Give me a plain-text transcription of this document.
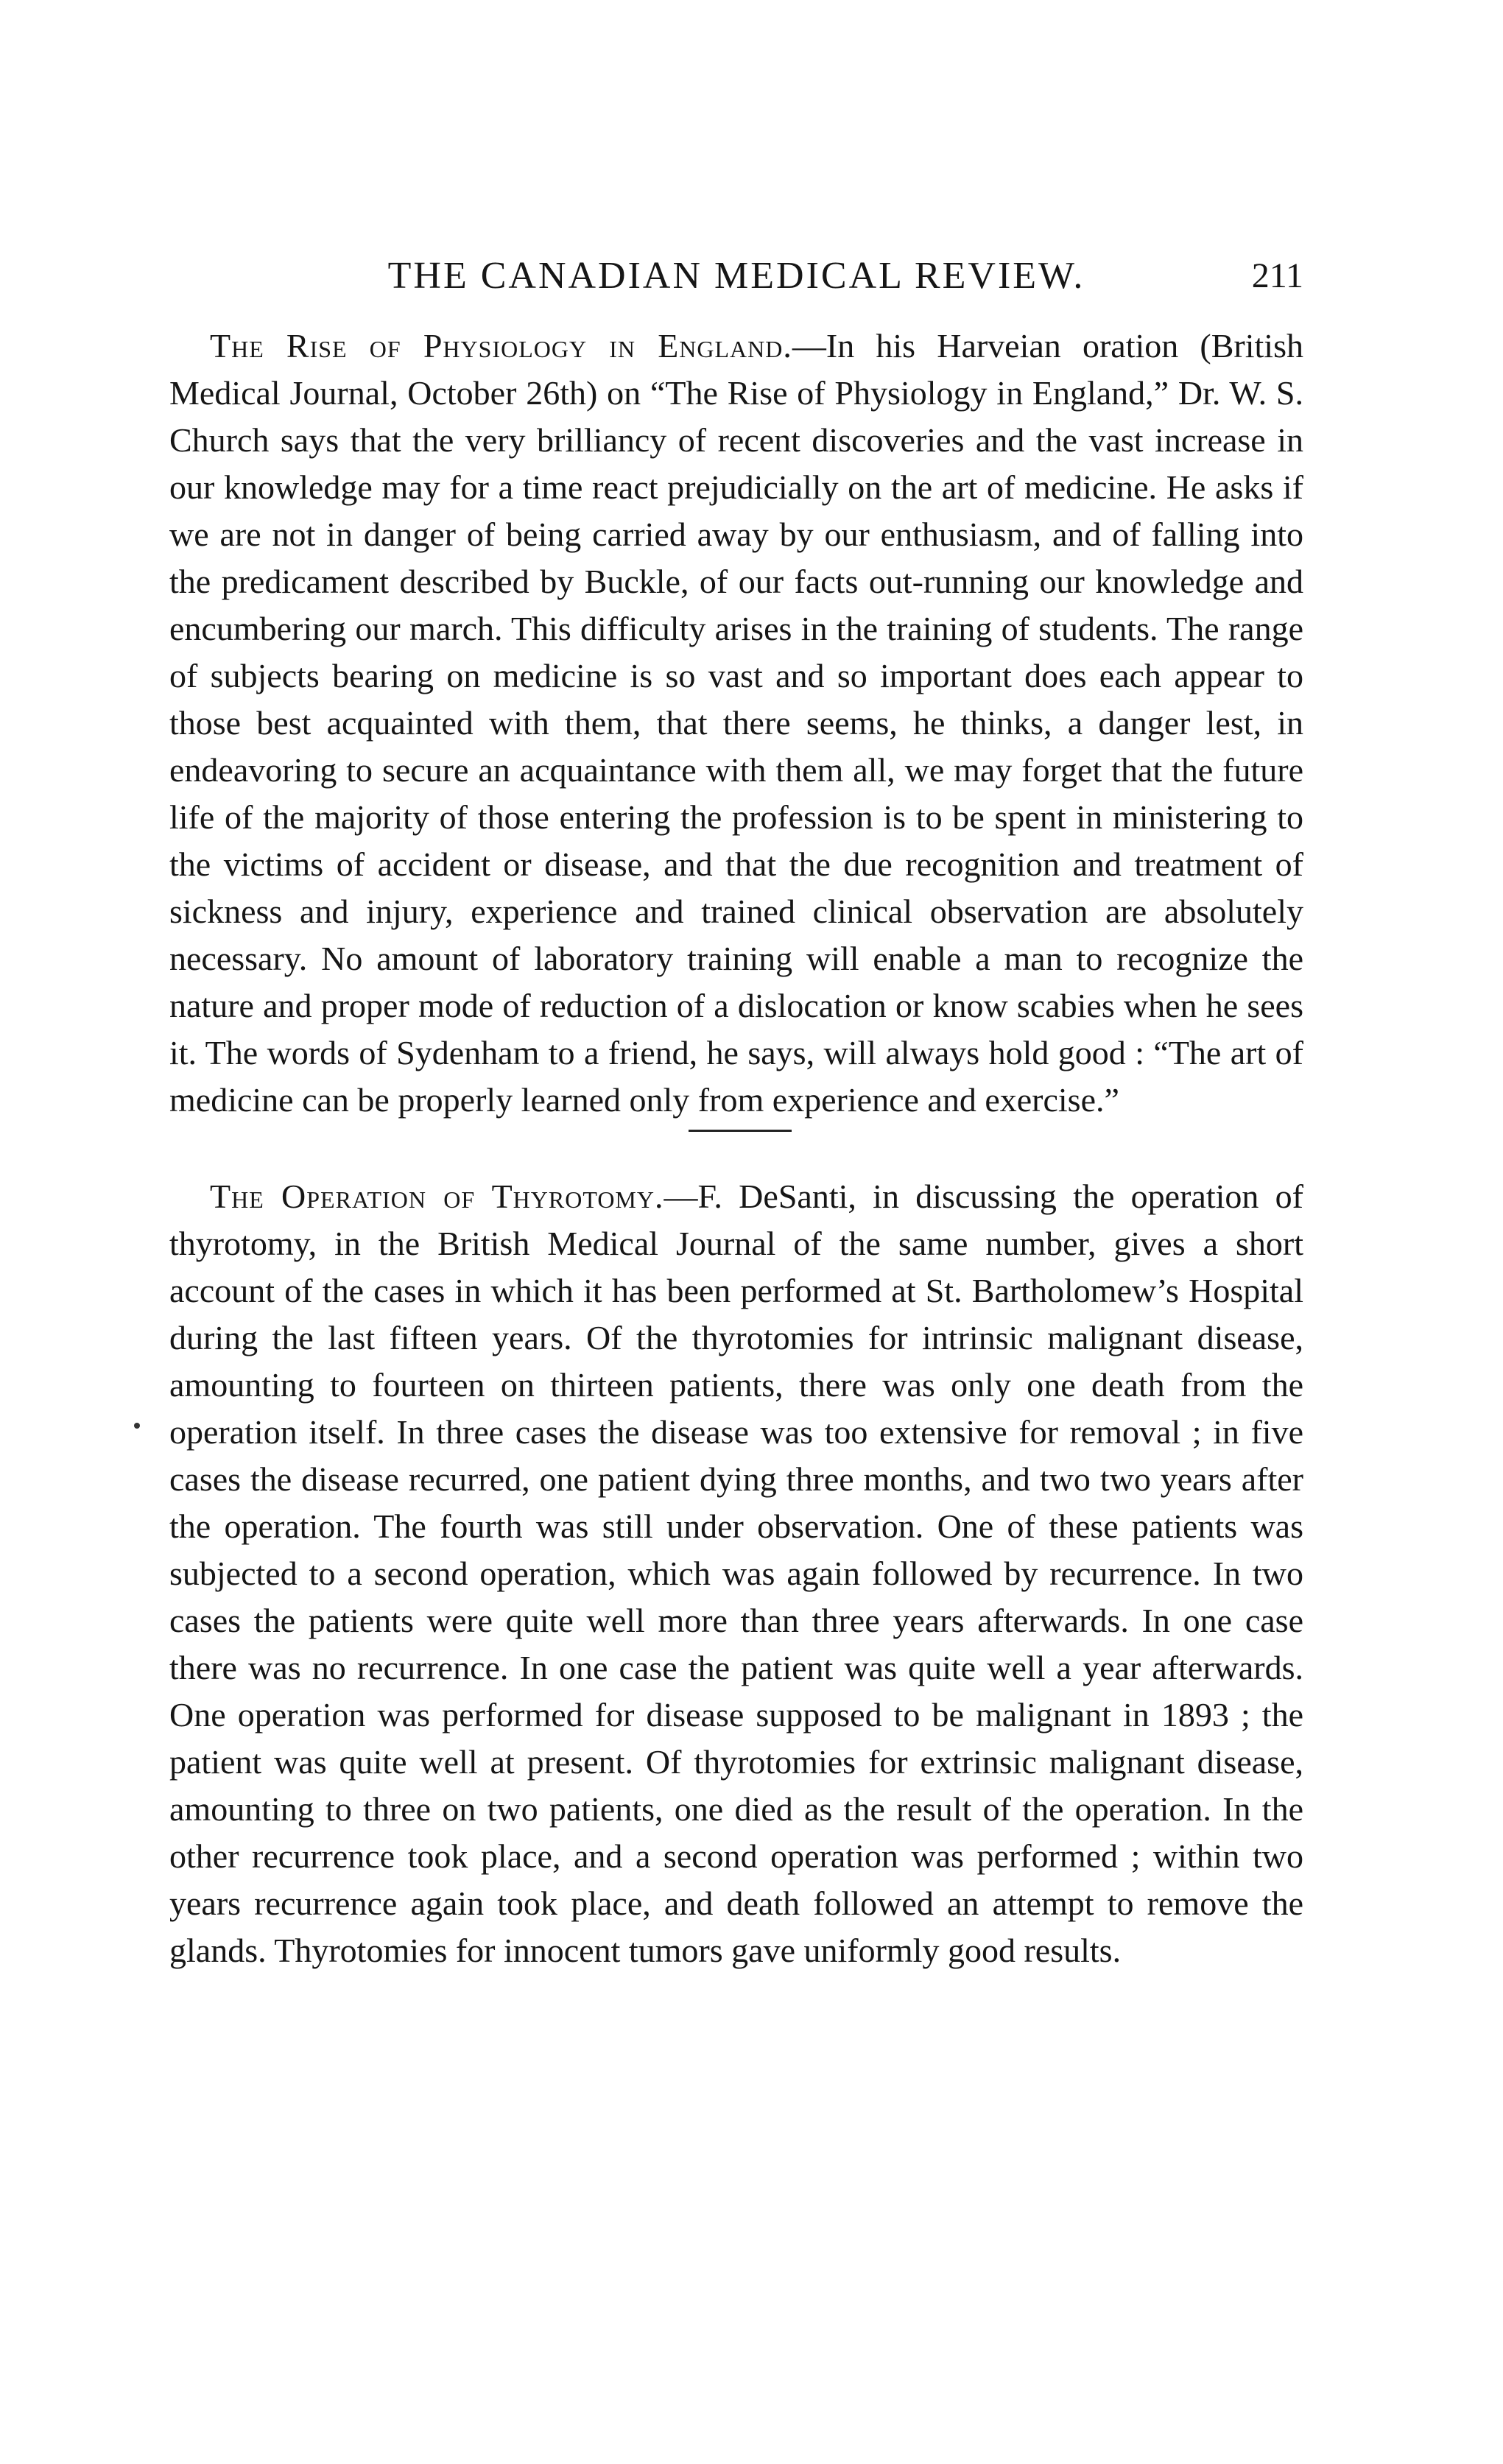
THE CANADIAN MEDICAL REVIEW.	211

The Rise of Physiology in England.—In his Harveian oration (British Medical Journal, October 26th) on “The Rise of Physiology in England,” Dr. W. S. Church says that the very brilliancy of recent discoveries and the vast increase in our knowledge may for a time react prejudicially on the art of medicine. He asks if we are not in danger of being carried away by our enthusiasm, and of falling into the predicament described by Buckle, of our facts out-running our knowledge and encumbering our march. This difficulty arises in the training of students. The range of subjects bearing on medicine is so vast and so important does each appear to those best acquainted with them, that there seems, he thinks, a danger lest, in endeavoring to secure an acquaintance with them all, we may forget that the future life of the majority of those entering the profession is to be spent in ministering to the victims of accident or disease, and that the due recognition and treatment of sickness and injury, experience and trained clinical observation are absolutely necessary. No amount of laboratory training will enable a man to recognize the nature and proper mode of reduction of a dislocation or know scabies when he sees it. The words of Sydenham to a friend, he says, will always hold good : “The art of medicine can be properly learned only from experience and exercise.”

The Operation of Thyrotomy.—F. DeSanti, in discussing the operation of thyrotomy, in the British Medical Journal of the same number, gives a short account of the cases in which it has been performed at St. Bartholomew’s Hospital during the last fifteen years. Of the thyrotomies for intrinsic malignant disease, amounting to fourteen on thirteen patients, there was only one death from the operation itself. In three cases the disease was too extensive for removal ; in five cases the disease recurred, one patient dying three months, and two two years after the operation. The fourth was still under observation. One of these patients was subjected to a second operation, which was again followed by recurrence. In two cases the patients were quite well more than three years afterwards. In one case there was no recurrence. In one case the patient was quite well a year afterwards. One operation was performed for disease supposed to be malignant in 1893 ; the patient was quite well at present. Of thyrotomies for extrinsic malignant disease, amounting to three on two patients, one died as the result of the operation. In the other recurrence took place, and a second operation was performed ; within two years recurrence again took place, and death followed an attempt to remove the glands. Thyrotomies for innocent tumors gave uniformly good results.
